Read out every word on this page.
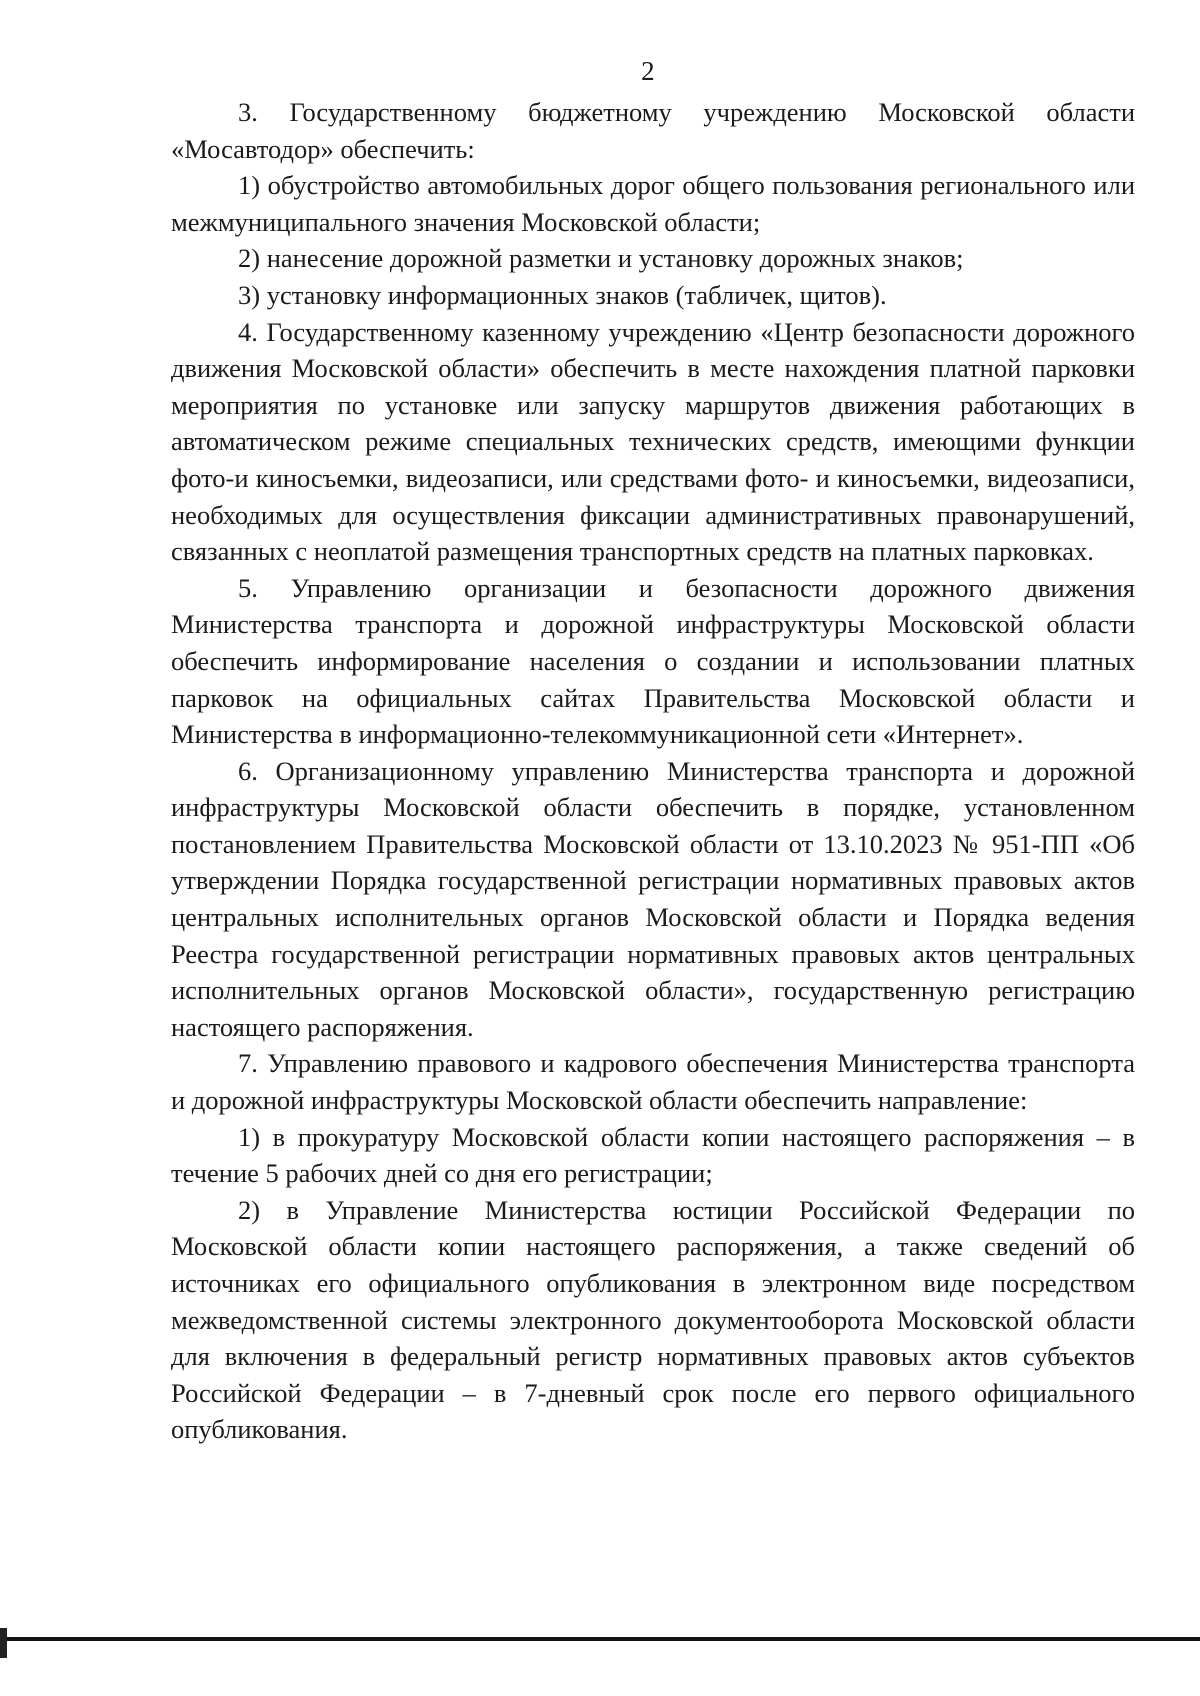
2

3. Государственному бюджетному учреждению Московской области «Мосавтодор» обеспечить:

1) обустройство автомобильных дорог общего пользования регионального или межмуниципального значения Московской области;

2) нанесение дорожной разметки и установку дорожных знаков;

3) установку информационных знаков (табличек, щитов).

4. Государственному казенному учреждению «Центр безопасности дорожного движения Московской области» обеспечить в месте нахождения платной парковки мероприятия по установке или запуску маршрутов движения работающих в автоматическом режиме специальных технических средств, имеющими функции фото-и киносъемки, видеозаписи, или средствами фото- и киносъемки, видеозаписи, необходимых для осуществления фиксации административных правонарушений, связанных с неоплатой размещения транспортных средств на платных парковках.

5. Управлению организации и безопасности дорожного движения Министерства транспорта и дорожной инфраструктуры Московской области обеспечить информирование населения о создании и использовании платных парковок на официальных сайтах Правительства Московской области и Министерства в информационно-телекоммуникационной сети «Интернет».

6. Организационному управлению Министерства транспорта и дорожной инфраструктуры Московской области обеспечить в порядке, установленном постановлением Правительства Московской области от 13.10.2023 № 951-ПП «Об утверждении Порядка государственной регистрации нормативных правовых актов центральных исполнительных органов Московской области и Порядка ведения Реестра государственной регистрации нормативных правовых актов центральных исполнительных органов Московской области», государственную регистрацию настоящего распоряжения.

7. Управлению правового и кадрового обеспечения Министерства транспорта и дорожной инфраструктуры Московской области обеспечить направление:

1) в прокуратуру Московской области копии настоящего распоряжения – в течение 5 рабочих дней со дня его регистрации;

2) в Управление Министерства юстиции Российской Федерации по Московской области копии настоящего распоряжения, а также сведений об источниках его официального опубликования в электронном виде посредством межведомственной системы электронного документооборота Московской области для включения в федеральный регистр нормативных правовых актов субъектов Российской Федерации – в 7-дневный срок после его первого официального опубликования.
